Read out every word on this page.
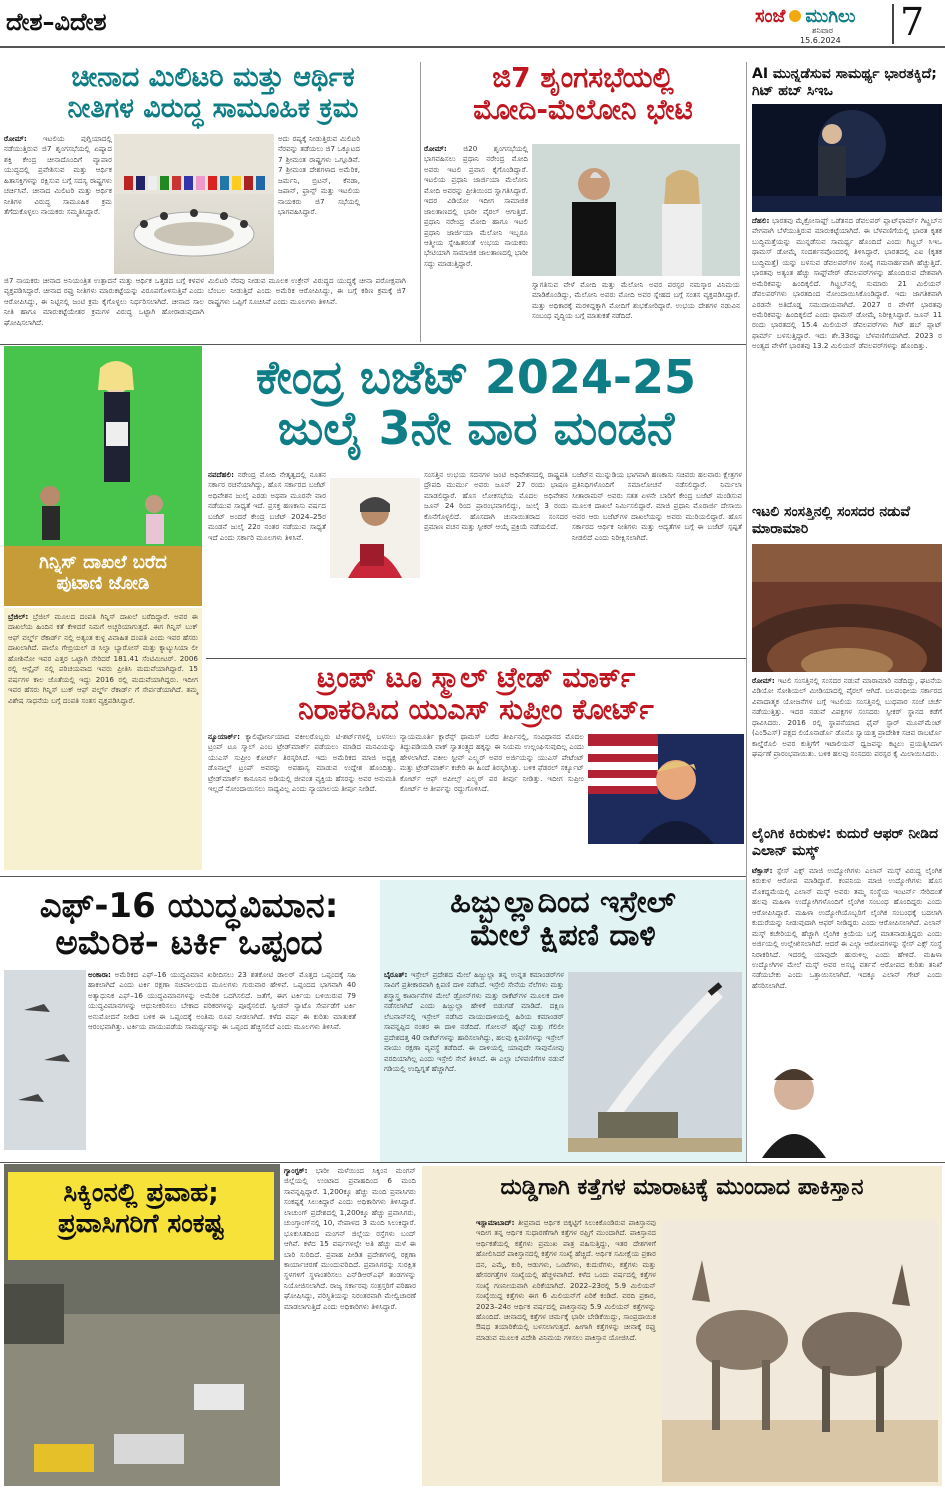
ದೇಶ–ವಿದೇಶ	ಸಂಜೆ ಮುಗಿಲು
ಶನಿವಾರ
15.6.2024 7
ಚೀನಾದ ಮಿಲಿಟರಿ ಮತ್ತು ಆರ್ಥಿಕ
ನೀತಿಗಳ ವಿರುದ್ಧ ಸಾಮೂಹಿಕ ಕ್ರಮ
ರೋಮ್: ಇಟಲಿಯ ಪುಗ್ಲಿಯಾದಲ್ಲಿ ನಡೆಯುತ್ತಿರುವ ಜಿ7 ಶೃಂಗಸಭೆಯಲ್ಲಿ ಏಷ್ಯಾದ ಶಕ್ತಿ ಕೇಂದ್ರ ಚೀನಾದೊಂದಿಗೆ ವ್ಯಾಪಾರ ಯುದ್ಧದಲ್ಲಿ ಪ್ರವೇಶಿಸುವ ಮತ್ತು ಆರ್ಥಿಕ ಹಿತಾಸಕ್ತಿಗಳನ್ನು ರಕ್ಷಿಸುವ ಬಗ್ಗೆ ಸದಸ್ಯ ರಾಷ್ಟ್ರಗಳು ಚರ್ಚಿಸಿವೆ. ಚೀನಾದ ಮಿಲಿಟರಿ ಮತ್ತು ಆರ್ಥಿಕ ನೀತಿಗಳ ವಿರುದ್ಧ ಸಾಮೂಹಿಕ ಕ್ರಮ ತೆಗೆದುಕೊಳ್ಳಲು ನಾಯಕರು ಸಮ್ಮತಿಸಿದ್ದಾರೆ.
ಅದು ರಷ್ಯಕ್ಕೆ ನೀಡುತ್ತಿರುವ ಮಿಲಿಟರಿ ನೆರವನ್ನು ತಡೆಯಲು ಜಿ7 ಒಕ್ಕೂಟದ 7 ಶ್ರೀಮಂತ ರಾಷ್ಟ್ರಗಳು ಒಗ್ಗೂಡಿವೆ. 7 ಶ್ರೀಮಂತ ದೇಶಗಳಾದ ಅಮೆರಿಕ, ಜರ್ಮನಿ, ಬ್ರಿಟನ್, ಕೆನಡಾ, ಜಪಾನ್, ಫ್ರಾನ್ಸ್ ಮತ್ತು ಇಟಲಿಯ ನಾಯಕರು ಜಿ7 ಸಭೆಯಲ್ಲಿ ಭಾಗವಹಿಸಿದ್ದಾರೆ.
ಜಿ7 ನಾಯಕರು ಚೀನಾದ ಅನಿಯಂತ್ರಿತ ಉತ್ಪಾದನೆ ಮತ್ತು ಆರ್ಥಿಕ ಒತ್ತಡದ ಬಗ್ಗೆ ಕಳವಳ ವ್ಯಕ್ತಪಡಿಸಿದ್ದಾರೆ. ಚೀನಾದ ರಫ್ತು ನೀತಿಗಳು ಮಾರುಕಟ್ಟೆಯನ್ನು ವಿರೂಪಗೊಳಿಸುತ್ತಿವೆ ಎಂದು ಆರೋಪಿಸಿದ್ದು, ಈ ನಿಟ್ಟಿನಲ್ಲಿ ಜಂಟಿ ಕ್ರಮ ಕೈಗೊಳ್ಳಲು ನಿರ್ಧರಿಸಲಾಗಿದೆ. ಚೀನಾದ ಸಾಲ ನೀತಿ ಹಾಗೂ ಮಾರುಕಟ್ಟೆಯೇತರ ಕ್ರಮಗಳ ವಿರುದ್ಧ ಒಟ್ಟಾಗಿ ಹೋರಾಡುವುದಾಗಿ ಘೋಷಿಸಲಾಗಿದೆ.
ಮಿಲಿಟರಿ ನೆರವು ನೀಡುವ ಮೂಲಕ ಉಕ್ರೇನ್ ವಿರುದ್ಧದ ಯುದ್ಧಕ್ಕೆ ಚೀನಾ ಪರೋಕ್ಷವಾಗಿ ಬೆಂಬಲ ನೀಡುತ್ತಿದೆ ಎಂದು ಅಮೆರಿಕ ಆರೋಪಿಸಿದ್ದು, ಈ ಬಗ್ಗೆ ಕಠಿಣ ಕ್ರಮಕ್ಕೆ ಜಿ7 ರಾಷ್ಟ್ರಗಳು ಒಪ್ಪಿಗೆ ಸೂಚಿಸಿವೆ ಎಂದು ಮೂಲಗಳು ತಿಳಿಸಿವೆ.
ಜಿ7 ಶೃಂಗಸಭೆಯಲ್ಲಿ
ಮೋದಿ-ಮೆಲೋನಿ ಭೇಟಿ
ರೋಮ್: ಜಿ20 ಶೃಂಗಸಭೆಯಲ್ಲಿ ಭಾಗವಹಿಸಲು ಪ್ರಧಾನಿ ನರೇಂದ್ರ ಮೋದಿ ಅವರು ಇಟಲಿ ಪ್ರವಾಸ ಕೈಗೊಂಡಿದ್ದಾರೆ. ಇಟಲಿಯ ಪ್ರಧಾನಿ ಜಾರ್ಜಿಯಾ ಮೆಲೋನಿ ಮೋದಿ ಅವರನ್ನು ಪ್ರೀತಿಯಿಂದ ಸ್ವಾಗತಿಸಿದ್ದಾರೆ. ಇದರ ವಿಡಿಯೋ ಇದೀಗ ಸಾಮಾಜಿಕ ಜಾಲತಾಣದಲ್ಲಿ ಭಾರೀ ವೈರಲ್ ಆಗುತ್ತಿದೆ. ಪ್ರಧಾನಿ ನರೇಂದ್ರ ಮೋದಿ ಹಾಗೂ ಇಟಲಿ ಪ್ರಧಾನಿ ಜಾರ್ಜಿಯಾ ಮೆಲೋನಿ ಇಬ್ಬರೂ ಆತ್ಮೀಯ ಸ್ನೇಹಿತರಂತೆ ಉಭಯ ನಾಯಕರು ಭೇಟಿಯಾಗಿ ಸಾಮಾಜಿಕ ಜಾಲತಾಣದಲ್ಲಿ ಭಾರೀ ಸದ್ದು ಮಾಡುತ್ತಿದ್ದಾರೆ.
ಸ್ವಾಗತಿಸುವ ವೇಳೆ ಮೋದಿ ಮತ್ತು ಮೆಲೋನಿ ಅವರ ಪರಸ್ಪರ ನಮಸ್ಕಾರ ವಿನಿಮಯ ಮಾಡಿಕೊಂಡಿದ್ದು, ಮೆಲೋನಿ ಅವರು ಮೋದಿ ಅವರ ಸ್ನೇಹದ ಬಗ್ಗೆ ಸಂತಸ ವ್ಯಕ್ತಪಡಿಸಿದ್ದಾರೆ. ಮತ್ತು ಅಧಿಕಾರಕ್ಕೆ ಮರಳಿದ್ದಕ್ಕಾಗಿ ಮೋದಿಗೆ ಶುಭಕೋರಿದ್ದಾರೆ. ಉಭಯ ದೇಶಗಳ ನಡುವಿನ ಸಂಬಂಧ ವೃದ್ಧಿಯ ಬಗ್ಗೆ ಮಾತುಕತೆ ನಡೆದಿದೆ.
AI ಮುನ್ನಡೆಸುವ ಸಾಮರ್ಥ್ಯ ಭಾರತಕ್ಕಿದೆ; ಗಿಟ್ ಹಬ್ ಸಿಇಒ
ದೆಹಲಿ: ಭಾರತವು ಮೈಕ್ರೋಸಾಫ್ಟ್ ಒಡೆತನದ ಡೆವಲಪರ್ ಪ್ಲಾಟ್‌ಫಾರ್ಮ್ ಗಿಟ್ಹಬ್‌ನ ವೇಗವಾಗಿ ಬೆಳೆಯುತ್ತಿರುವ ಮಾರುಕಟ್ಟೆಯಾಗಿದೆ. ಈ ಬೆಳವಣಿಗೆಯಲ್ಲಿ ಭಾರತ ಕೃತಕ ಬುದ್ಧಿಮತ್ತೆಯನ್ನು ಮುನ್ನಡೆಸುವ ಸಾಮರ್ಥ್ಯ ಹೊಂದಿದೆ ಎಂದು ಗಿಟ್ಹಬ್ ಸಿಇಒ ಥಾಮಸ್ ಡೋಮ್ಕೆ ಸಂದರ್ಶನವೊಂದರಲ್ಲಿ ತಿಳಿಸಿದ್ದಾರೆ. ಭಾರತದಲ್ಲಿ ಎಐ (ಕೃತಕ ಬುದ್ಧಿಮತ್ತೆ) ಯನ್ನು ಬಳಸುವ ಡೆವಲಪರ್‌ಗಳ ಸಂಖ್ಯೆ ಗಮನಾರ್ಹವಾಗಿ ಹೆಚ್ಚುತ್ತಿದೆ. ಭಾರತವು ಅತ್ಯಂತ ಹೆಚ್ಚು ಸಾಫ್ಟ್‌ವೇರ್ ಡೆವಲಪರ್‌ಗಳನ್ನು ಹೊಂದಿರುವ ದೇಶವಾಗಿ ಅಮೆರಿಕವನ್ನು ಹಿಂದಿಕ್ಕಲಿದೆ. ಗಿಟ್ಹಬ್‌ನಲ್ಲಿ ಸುಮಾರು 21 ಮಿಲಿಯನ್ ಡೆವಲಪರ್‌ಗಳು ಭಾರತದಿಂದ ನೋಂದಾಯಿಸಿಕೊಂಡಿದ್ದಾರೆ. ಇದು ಜಾಗತಿಕವಾಗಿ ಎರಡನೇ ಅತಿದೊಡ್ಡ ಸಮುದಾಯವಾಗಿದೆ. 2027 ರ ವೇಳೆಗೆ ಭಾರತವು ಅಮೆರಿಕವನ್ನು ಹಿಂದಿಕ್ಕಲಿದೆ ಎಂದು ಥಾಮಸ್ ಡೋಮ್ಕೆ ನಿರೀಕ್ಷಿಸಿದ್ದಾರೆ. ಜೂನ್ 11 ರಂದು ಭಾರತದಲ್ಲಿ 15.4 ಮಿಲಿಯನ್ ಡೆವಲಪರ್‌ಗಳು ಗಿಟ್ ಹಬ್ ಪ್ಲಾಟ್ ಫಾರ್ಮ್ ಬಳಸುತ್ತಿದ್ದಾರೆ. ಇದು ಶೇ.33ರಷ್ಟು ಬೆಳವಣಿಗೆಯಾಗಿದೆ. 2023 ರ ಅಂತ್ಯದ ವೇಳೆಗೆ ಭಾರತವು 13.2 ಮಿಲಿಯನ್ ಡೆವಲಪರ್‌ಗಳನ್ನು ಹೊಂದಿತ್ತು.
ಇಟಲಿ ಸಂಸತ್ತಿನಲ್ಲಿ ಸಂಸದರ ನಡುವೆ ಮಾರಾಮಾರಿ
ರೋಮ್: ಇಟಲಿ ಸಂಸತ್ತಿನಲ್ಲಿ ಸಂಸದರ ನಡುವೆ ಮಾರಾಮಾರಿ ನಡೆದಿದ್ದು, ಘಟನೆಯ ವಿಡಿಯೋ ಸೋಶಿಯಲ್ ಮೀಡಿಯಾದಲ್ಲಿ ವೈರಲ್ ಆಗಿದೆ. ಬಲಪಂಥೀಯ ಸರ್ಕಾರದ ವಿವಾದಾತ್ಮಕ ಯೋಜನೆಗಳ ಬಗ್ಗೆ ಇಟಲಿಯ ಸಂಸತ್ತಿನಲ್ಲಿ ಬುಧವಾರ ಸಂಜೆ ಚರ್ಚೆ ನಡೆಯುತ್ತಿತ್ತು. ಇದರ ನಡುವೆ ವಿಪಕ್ಷಗಳ ಸಂಸದರು ಸ್ಪೀಕರ್ ಸ್ಥಾನದ ಕಡೆಗೆ ಧಾವಿಸಿದರು. 2016 ರಲ್ಲಿ ಸ್ಥಾಪನೆಯಾದ ಫೈವ್ ಸ್ಟಾರ್ ಮೂವ್‌ಮೆಂಟ್ (ಎಂ5ಎಸ್) ಪಕ್ಷದ ಲಿಯೊನಾರ್ಡೊ ಡೊನೊ ಸ್ವಾಯತ್ತ ಪ್ರಾದೇಶಿಕ ಸಚಿವ ರಾಬರ್ಟೊ ಕಾಲ್ಡೆರೊಲಿ ಅವರ ಕುತ್ತಿಗೆಗೆ ಇಟಾಲಿಯನ್ ಧ್ವಜವನ್ನು ಕಟ್ಟಲು ಪ್ರಯತ್ನಿಸಿದಾಗ ಘರ್ಷಣೆ ಪ್ರಾರಂಭವಾಯಿತು. ಬಳಿಕ ಹಲವು ಸಂಸದರು ಪರಸ್ಪರ ಕೈ ಮಿಲಾಯಿಸಿದರು.
ಲೈಂಗಿಕ ಕಿರುಕುಳ: ಕುದುರೆ ಆಫರ್ ನೀಡಿದ ಎಲಾನ್ ಮಸ್ಕ್
ಟೆಕ್ಸಾಸ್: ಸ್ಪೇಸ್ ಎಕ್ಸ್ ಮಾಜಿ ಉದ್ಯೋಗಿಗಳು ಎಲಾನ್ ಮಸ್ಕ್ ವಿರುದ್ಧ ಲೈಂಗಿಕ ಕಿರುಕುಳ ಆರೋಪ ಮಾಡಿದ್ದಾರೆ. ಕಂಪನಿಯ ಮಾಜಿ ಉದ್ಯೋಗಿಗಳು ಹೊಸ ಮೊಕದ್ದಮೆಯಲ್ಲಿ ಎಲಾನ್ ಮಸ್ಕ್ ಅವರು ತಮ್ಮ ಸಂಸ್ಥೆಯ ಇಂಟರ್ನ್ ಸೇರಿದಂತೆ ಹಲವು ಮಹಿಳಾ ಉದ್ಯೋಗಿಗಳೊಂದಿಗೆ ಲೈಂಗಿಕ ಸಂಬಂಧ ಹೊಂದಿದ್ದರು ಎಂದು ಆರೋಪಿಸಿದ್ದಾರೆ. ಮಹಿಳಾ ಉದ್ಯೋಗಿಯೊಬ್ಬರಿಗೆ ಲೈಂಗಿಕ ಸಂಬಂಧಕ್ಕೆ ಬದಲಾಗಿ ಕುದುರೆಯನ್ನು ನೀಡುವುದಾಗಿ ಆಫರ್ ನೀಡಿದ್ದರು ಎಂದು ಆರೋಪಿಸಲಾಗಿದೆ. ಎಲಾನ್ ಮಸ್ಕ್ ಕಚೇರಿಯಲ್ಲಿ ಹೆಚ್ಚಾಗಿ ಲೈಂಗಿಕ ಕ್ರಿಯೆಯ ಬಗ್ಗೆ ಮಾತನಾಡುತ್ತಿದ್ದರು ಎಂದು ಅರ್ಜಿಯಲ್ಲಿ ಉಲ್ಲೇಖಿಸಲಾಗಿದೆ. ಆದರೆ ಈ ಎಲ್ಲಾ ಆರೋಪಗಳನ್ನು ಸ್ಪೇಸ್ ಎಕ್ಸ್ ಸಂಸ್ಥೆ ನಿರಾಕರಿಸಿದೆ. ಇದರಲ್ಲಿ ಯಾವುದೇ ಹುರುಳಿಲ್ಲ ಎಂದು ಹೇಳಿದೆ. ಮಹಿಳಾ ಉದ್ಯೋಗಿಗಳ ಮೇಲೆ ಮಸ್ಕ್ ಅವರ ಅಸಭ್ಯ ವರ್ತನೆ ಆರೋಪದ ಕುರಿತು ತನಿಖೆ ನಡೆಯಬೇಕು ಎಂದು ಒತ್ತಾಯಿಸಲಾಗಿದೆ. ಇದಕ್ಕೂ ಎಲಾನ್ ಗೇಟ್ ಎಂದು ಹೆಸರಿಸಲಾಗಿದೆ.
ಗಿನ್ನಿಸ್ ದಾಖಲೆ ಬರೆದ
ಪುಟಾಣಿ ಜೋಡಿ
ಬ್ರೆಜಿಲ್: ಬ್ರೆಜಿಲ್ ಮೂಲದ ದಂಪತಿ ಗಿನ್ನಿಸ್ ದಾಖಲೆ ಬರೆದಿದ್ದಾರೆ. ಅವರ ಈ ದಾಖಲೆಯ ಹಿಂದಿನ ಕತೆ ಕೇಳಿದರೆ ನಿಮಗೆ ಅಚ್ಚರಿಯಾಗುತ್ತದೆ. ಈಗ ಗಿನ್ನಿಸ್ ಬುಕ್ ಆಫ್ ವರ್ಲ್ಡ್ ರೆಕಾರ್ಡ್ ನಲ್ಲಿ ಅತ್ಯಂತ ಕುಳ್ಳ ವಿವಾಹಿತ ದಂಪತಿ ಎಂದು ಇವರ ಹೆಸರು ದಾಖಲಾಗಿದೆ. ಪಾಲೊ ಗೇಬ್ರಿಯಲ್ ಡ ಸಿಲ್ವಾ ಬ್ಯಾರೋಸ್ ಮತ್ತು ಕ್ಯಾಟ್ಯುಸಿಯಾ ಲೀ ಹೋಶಿನೋ ಇವರ ಎತ್ತರ ಒಟ್ಟಾಗಿ ಸೇರಿದರೆ 181.41 ಸೆಂಟಿಮೀಟರ್. 2006 ರಲ್ಲಿ ಆನ್ಲೈನ್ ನಲ್ಲಿ ಪರಿಚಯವಾದ ಇವರು ಪ್ರೀತಿಸಿ ಮದುವೆಯಾಗಿದ್ದಾರೆ. 15 ವರ್ಷಗಳ ಕಾಲ ಜೊತೆಯಲ್ಲಿ ಇದ್ದು 2016 ರಲ್ಲಿ ಮದುವೆಯಾಗಿದ್ದರು. ಇದೀಗ ಇವರ ಹೆಸರು ಗಿನ್ನಿಸ್ ಬುಕ್ ಆಫ್ ವರ್ಲ್ಡ್ ರೆಕಾರ್ಡ್ ಗೆ ಸೇರ್ಪಡೆಯಾಗಿದೆ. ತಮ್ಮ ವಿಶೇಷ ಸಾಧನೆಯ ಬಗ್ಗೆ ದಂಪತಿ ಸಂತಸ ವ್ಯಕ್ತಪಡಿಸಿದ್ದಾರೆ.
ಕೇಂದ್ರ ಬಜೆಟ್ 2024-25
ಜುಲೈ 3ನೇ ವಾರ ಮಂಡನೆ
ನವದೆಹಲಿ: ನರೇಂದ್ರ ಮೋದಿ ನೇತೃತ್ವದಲ್ಲಿ ನೂತನ ಸರ್ಕಾರ ರಚನೆಯಾಗಿದ್ದು, ಹೊಸ ಸರ್ಕಾರದ ಬಜೆಟ್ ಅಧಿವೇಶನ ಜುಲೈ ಎರಡು ಅಥವಾ ಮೂರನೇ ವಾರ ನಡೆಯುವ ಸಾಧ್ಯತೆ ಇದೆ. ಪ್ರಸಕ್ತ ಹಣಕಾಸು ವರ್ಷದ ಬಜೆಟ್ ಅಂದರೆ ಕೇಂದ್ರ ಬಜೆಟ್ 2024–25ರ ಮಂಡನೆ ಜುಲೈ 22ರ ನಂತರ ನಡೆಯುವ ಸಾಧ್ಯತೆ ಇದೆ ಎಂದು ಸರ್ಕಾರಿ ಮೂಲಗಳು ತಿಳಿಸಿವೆ.
ಸಂಸತ್ತಿನ ಉಭಯ ಸದನಗಳ ಜಂಟಿ ಅಧಿವೇಶನದಲ್ಲಿ ರಾಷ್ಟ್ರಪತಿ ದ್ರೌಪದಿ ಮುರ್ಮು ಅವರು ಜೂನ್ 27 ರಂದು ಭಾಷಣ ಮಾಡಲಿದ್ದಾರೆ. ಹೊಸ ಲೋಕಸಭೆಯ ಮೊದಲ ಅಧಿವೇಶನ ಜೂನ್ 24 ರಿಂದ ಪ್ರಾರಂಭವಾಗಲಿದ್ದು, ಜುಲೈ 3 ರಂದು ಕೊನೆಗೊಳ್ಳಲಿದೆ. ಹೊಸದಾಗಿ ಚುನಾಯಿತರಾದ ಸಂಸದರ ಪ್ರಮಾಣ ವಚನ ಮತ್ತು ಸ್ಪೀಕರ್ ಆಯ್ಕೆ ಪ್ರಕ್ರಿಯೆ ನಡೆಯಲಿದೆ.
ಬಜೆಟ್‌ನ ಮುನ್ನುಡಿಯ ಭಾಗವಾಗಿ ಹಣಕಾಸು ಸಚಿವರು ಹಲವಾರು ಕ್ಷೇತ್ರಗಳ ಪ್ರತಿನಿಧಿಗಳೊಂದಿಗೆ ಸಮಾಲೋಚನೆ ನಡೆಸಲಿದ್ದಾರೆ. ನಿರ್ಮಲಾ ಸೀತಾರಾಮನ್ ಅವರು ಸತತ ಏಳನೇ ಬಾರಿಗೆ ಕೇಂದ್ರ ಬಜೆಟ್ ಮಂಡಿಸುವ ಮೂಲಕ ದಾಖಲೆ ನಿರ್ಮಿಸಲಿದ್ದಾರೆ. ಮಾಜಿ ಪ್ರಧಾನಿ ಮೊರಾರ್ಜಿ ದೇಸಾಯಿ ಅವರ ಆರು ಬಜೆಟ್‌ಗಳ ದಾಖಲೆಯನ್ನು ಅವರು ಮುರಿಯಲಿದ್ದಾರೆ. ಹೊಸ ಸರ್ಕಾರದ ಆರ್ಥಿಕ ನೀತಿಗಳು ಮತ್ತು ಆದ್ಯತೆಗಳ ಬಗ್ಗೆ ಈ ಬಜೆಟ್ ಸ್ಪಷ್ಟತೆ ನೀಡಲಿದೆ ಎಂದು ನಿರೀಕ್ಷಿಸಲಾಗಿದೆ.
ಟ್ರಂಪ್ ಟೂ ಸ್ಮಾಲ್ ಟ್ರೇಡ್ ಮಾರ್ಕ್
ನಿರಾಕರಿಸಿದ ಯುಎಸ್ ಸುಪ್ರೀಂ ಕೋರ್ಟ್
ನ್ಯೂಯಾರ್ಕ್: ಕ್ಯಾಲಿಫೋರ್ನಿಯಾದ ವಕೀಲರೊಬ್ಬರು ಟಿ-ಶರ್ಟ್‌ಗಳಲ್ಲಿ ಬಳಸಲು ಟ್ರಂಪ್ ಟೂ ಸ್ಮಾಲ್ ಎಂಬ ಟ್ರೇಡ್‌ಮಾರ್ಕ್ ಪಡೆಯಲು ಮಾಡಿದ ಮನವಿಯನ್ನು ಯುಎಸ್ ಸುಪ್ರೀಂ ಕೋರ್ಟ್ ತಿರಸ್ಕರಿಸಿದೆ. ಇದು ಅಮೆರಿಕದ ಮಾಜಿ ಅಧ್ಯಕ್ಷ ಡೊನಾಲ್ಡ್ ಟ್ರಂಪ್ ಅವರನ್ನು ಅಪಹಾಸ್ಯ ಮಾಡುವ ಉದ್ದೇಶ ಹೊಂದಿತ್ತು. ಟ್ರೇಡ್‌ಮಾರ್ಕ್ ಕಾನೂನಿನ ಅಡಿಯಲ್ಲಿ ಜೀವಂತ ವ್ಯಕ್ತಿಯ ಹೆಸರನ್ನು ಅವರ ಅನುಮತಿ ಇಲ್ಲದೆ ನೋಂದಾಯಿಸಲು ಸಾಧ್ಯವಿಲ್ಲ ಎಂದು ನ್ಯಾಯಾಲಯ ತೀರ್ಪು ನೀಡಿದೆ.
ನ್ಯಾಯಮೂರ್ತಿ ಕ್ಲಾರೆನ್ಸ್ ಥಾಮಸ್ ಬರೆದ ತೀರ್ಪಿನಲ್ಲಿ, ಸಂವಿಧಾನದ ಮೊದಲ ತಿದ್ದುಪಡಿಯಡಿ ವಾಕ್ ಸ್ವಾತಂತ್ರ್ಯದ ಹಕ್ಕನ್ನು ಈ ನಿಯಮ ಉಲ್ಲಂಘಿಸುವುದಿಲ್ಲ ಎಂದು ಹೇಳಲಾಗಿದೆ. ವಕೀಲ ಸ್ಟೀವ್ ಎಲ್ಸ್ಟರ್ ಅವರ ಅರ್ಜಿಯನ್ನು ಯುಎಸ್ ಪೇಟೆಂಟ್ ಮತ್ತು ಟ್ರೇಡ್‌ಮಾರ್ಕ್ ಕಚೇರಿ ಈ ಹಿಂದೆ ತಿರಸ್ಕರಿಸಿತ್ತು. ಬಳಿಕ ಫೆಡರಲ್ ಸರ್ಕ್ಯೂಟ್ ಕೋರ್ಟ್ ಆಫ್ ಅಪೀಲ್ಸ್ ಎಲ್ಸ್ಟರ್ ಪರ ತೀರ್ಪು ನೀಡಿತ್ತು. ಇದೀಗ ಸುಪ್ರೀಂ ಕೋರ್ಟ್ ಆ ತೀರ್ಪನ್ನು ರದ್ದುಗೊಳಿಸಿದೆ.
ಎಫ್-16 ಯುದ್ಧವಿಮಾನ:
ಅಮೆರಿಕ- ಟರ್ಕಿ ಒಪ್ಪಂದ
ಅಂಕಾರಾ: ಅಮೆರಿಕದ ಎಫ್–16 ಯುದ್ಧವಿಮಾನ ಖರೀದಿಸಲು 23 ಶತಕೋಟಿ ಡಾಲರ್ ಮೊತ್ತದ ಒಪ್ಪಂದಕ್ಕೆ ಸಹಿ ಹಾಕಲಾಗಿದೆ ಎಂದು ಟರ್ಕಿ ರಕ್ಷಣಾ ಸಚಿವಾಲಯದ ಮೂಲಗಳು ಗುರುವಾರ ಹೇಳಿವೆ. ಒಪ್ಪಂದದ ಭಾಗವಾಗಿ 40 ಅತ್ಯಾಧುನಿಕ ಎಫ್–16 ಯುದ್ಧವಿಮಾನಗಳನ್ನು ಅಮೆರಿಕ ಒದಗಿಸಲಿದೆ. ಜತೆಗೆ, ಈಗ ಟರ್ಕಿಯ ಬಳಿಯಿರುವ 79 ಯುದ್ಧವಿಮಾನಗಳನ್ನು ಆಧುನೀಕರಿಸಲು ಬೇಕಾದ ಪರಿಕರಗಳನ್ನು ಪೂರೈಸಲಿದೆ. ಸ್ವೀಡನ್ ನ್ಯಾಟೊ ಸೇರ್ಪಡೆಗೆ ಟರ್ಕಿ ಅನುಮೋದನೆ ನೀಡಿದ ಬಳಿಕ ಈ ಒಪ್ಪಂದಕ್ಕೆ ಅಂತಿಮ ರೂಪ ನೀಡಲಾಗಿದೆ. ಕಳೆದ ವರ್ಷ ಈ ಕುರಿತು ಮಾತುಕತೆ ಆರಂಭವಾಗಿತ್ತು. ಟರ್ಕಿಯ ವಾಯುಪಡೆಯ ಸಾಮರ್ಥ್ಯವನ್ನು ಈ ಒಪ್ಪಂದ ಹೆಚ್ಚಿಸಲಿದೆ ಎಂದು ಮೂಲಗಳು ತಿಳಿಸಿವೆ.
ಹಿಜ್ಬುಲ್ಲಾದಿಂದ ಇಸ್ರೇಲ್
ಮೇಲೆ ಕ್ಷಿಪಣಿ ದಾಳಿ
ಬೈರೂತ್: ಇಸ್ರೇಲ್ ಪ್ರದೇಶದ ಮೇಲೆ ಹಿಜ್ಬುಲ್ಲಾ ತನ್ನ ಉನ್ನತ ಕಮಾಂಡರ್‌ಗಳ ಸಾವಿಗೆ ಪ್ರತೀಕಾರವಾಗಿ ಕ್ಷಿಪಣಿ ದಾಳಿ ನಡೆಸಿದೆ. ಇಸ್ರೇಲಿ ಸೇನೆಯ ನೆಲೆಗಳು ಮತ್ತು ಶಸ್ತ್ರಾಸ್ತ್ರ ಕಾರ್ಖಾನೆಗಳ ಮೇಲೆ ಡ್ರೋನ್‌ಗಳು ಮತ್ತು ರಾಕೆಟ್‌ಗಳ ಮೂಲಕ ದಾಳಿ ನಡೆಸಲಾಗಿದೆ ಎಂದು ಹಿಜ್ಬುಲ್ಲಾ ಹೇಳಿಕೆ ಬಿಡುಗಡೆ ಮಾಡಿದೆ. ದಕ್ಷಿಣ ಲೆಬನಾನ್‌ನಲ್ಲಿ ಇಸ್ರೇಲ್ ನಡೆಸಿದ ವಾಯುದಾಳಿಯಲ್ಲಿ ಹಿರಿಯ ಕಮಾಂಡರ್ ಸಾವನ್ನಪ್ಪಿದ ನಂತರ ಈ ದಾಳಿ ನಡೆದಿದೆ. ಗೋಲನ್ ಹೈಟ್ಸ್ ಮತ್ತು ಗೆಲಿಲೀ ಪ್ರದೇಶದತ್ತ 40 ರಾಕೆಟ್‌ಗಳನ್ನು ಹಾರಿಸಲಾಗಿದ್ದು, ಹಲವು ಕ್ಷಿಪಣಿಗಳನ್ನು ಇಸ್ರೇಲ್ ವಾಯು ರಕ್ಷಣಾ ವ್ಯವಸ್ಥೆ ತಡೆದಿದೆ. ಈ ದಾಳಿಯಲ್ಲಿ ಯಾವುದೇ ಸಾವುನೋವು ವರದಿಯಾಗಿಲ್ಲ ಎಂದು ಇಸ್ರೇಲಿ ಸೇನೆ ತಿಳಿಸಿದೆ. ಈ ಎಲ್ಲಾ ಬೆಳವಣಿಗೆಗಳ ನಡುವೆ ಗಡಿಯಲ್ಲಿ ಉದ್ವಿಗ್ನತೆ ಹೆಚ್ಚಾಗಿದೆ.
ಸಿಕ್ಕಿಂನಲ್ಲಿ ಪ್ರವಾಹ;
ಪ್ರವಾಸಿಗರಿಗೆ ಸಂಕಷ್ಟ
ಗ್ಯಾಂಗ್ಟಕ್: ಭಾರೀ ಮಳೆಯಿಂದ ಸಿಕ್ಕಿಂನ ಮಂಗನ್ ಜಿಲ್ಲೆಯಲ್ಲಿ ಉಂಟಾದ ಪ್ರವಾಹದಿಂದ 6 ಮಂದಿ ಸಾವನ್ನಪ್ಪಿದ್ದಾರೆ. 1,200ಕ್ಕೂ ಹೆಚ್ಚು ಮಂದಿ ಪ್ರವಾಸಿಗರು ಸಂಕಷ್ಟಕ್ಕೆ ಸಿಲುಕಿದ್ದಾರೆ ಎಂದು ಅಧಿಕಾರಿಗಳು ತಿಳಿಸಿದ್ದಾರೆ. ಲಾಚುಂಗ್ ಪ್ರದೇಶದಲ್ಲಿ 1,200ಕ್ಕೂ ಹೆಚ್ಚು ಪ್ರವಾಸಿಗರು, ಚುಂಗ್ತಾಂಗ್‌ನಲ್ಲಿ 10, ನೇಪಾಳದ 3 ಮಂದಿ ಸಿಲುಕಿದ್ದಾರೆ. ಭೂಕುಸಿತದಿಂದ ಮಂಗನ್ ಜಿಲ್ಲೆಯ ರಸ್ತೆಗಳು ಬಂದ್ ಆಗಿವೆ. ಕಳೆದ 15 ವರ್ಷಗಳಲ್ಲೇ ಅತಿ ಹೆಚ್ಚು ಮಳೆ ಈ ಬಾರಿ ಸುರಿದಿದೆ. ಪ್ರವಾಹ ಪೀಡಿತ ಪ್ರದೇಶಗಳಲ್ಲಿ ರಕ್ಷಣಾ ಕಾರ್ಯಾಚರಣೆ ಮುಂದುವರಿದಿದೆ. ಪ್ರವಾಸಿಗರನ್ನು ಸುರಕ್ಷಿತ ಸ್ಥಳಗಳಿಗೆ ಸ್ಥಳಾಂತರಿಸಲು ಎನ್‌ಡಿಆರ್‌ಎಫ್ ತಂಡಗಳನ್ನು ನಿಯೋಜಿಸಲಾಗಿದೆ. ರಾಜ್ಯ ಸರ್ಕಾರವು ಸಂತ್ರಸ್ತರಿಗೆ ಪರಿಹಾರ ಘೋಷಿಸಿದ್ದು, ಪರಿಸ್ಥಿತಿಯನ್ನು ನಿರಂತರವಾಗಿ ಮೇಲ್ವಿಚಾರಣೆ ಮಾಡಲಾಗುತ್ತಿದೆ ಎಂದು ಅಧಿಕಾರಿಗಳು ತಿಳಿಸಿದ್ದಾರೆ.
ದುಡ್ಡಿಗಾಗಿ ಕತ್ತೆಗಳ ಮಾರಾಟಕ್ಕೆ ಮುಂದಾದ ಪಾಕಿಸ್ತಾನ
ಇಸ್ಲಾಮಾಬಾದ್: ತೀವ್ರವಾದ ಆರ್ಥಿಕ ಬಿಕ್ಕಟ್ಟಿಗೆ ಸಿಲುಕಿಕೊಂಡಿರುವ ಪಾಕಿಸ್ತಾನವು ಇದೀಗ ತನ್ನ ಆರ್ಥಿಕ ಸುಧಾರಣೆಗಾಗಿ ಕತ್ತೆಗಳ ರಫ್ತಿಗೆ ಮುಂದಾಗಿದೆ. ಪಾಕಿಸ್ತಾನದ ಆರ್ಥಿಕತೆಯಲ್ಲಿ ಕತ್ತೆಗಳು ಪ್ರಮುಖ ಪಾತ್ರ ವಹಿಸುತ್ತಿದ್ದು, ಇತರ ದೇಶಗಳಿಗೆ ಹೋಲಿಸಿದರೆ ಪಾಕಿಸ್ತಾನದಲ್ಲಿ ಕತ್ತೆಗಳ ಸಂಖ್ಯೆ ಹೆಚ್ಚಿದೆ. ಆರ್ಥಿಕ ಸಮೀಕ್ಷೆಯ ಪ್ರಕಾರ ದನ, ಎಮ್ಮೆ, ಕುರಿ, ಆಡುಗಳು, ಒಂಟೆಗಳು, ಕುದುರೆಗಳು, ಕತ್ತೆಗಳು ಮತ್ತು ಹೇಸರಗತ್ತೆಗಳ ಸಂಖ್ಯೆಯಲ್ಲಿ ಹೆಚ್ಚಳವಾಗಿದೆ. ಕಳೆದ ಒಂದು ವರ್ಷದಲ್ಲಿ ಕತ್ತೆಗಳ ಸಂಖ್ಯೆ ಗಣನೀಯವಾಗಿ ಏರಿಕೆಯಾಗಿದೆ. 2022–23ರಲ್ಲಿ 5.9 ಮಿಲಿಯನ್ ಸಂಖ್ಯೆಯಿದ್ದ ಕತ್ತೆಗಳು ಈಗ 6 ಮಿಲಿಯನ್‌ಗೆ ಏರಿಕೆ ಕಂಡಿದೆ. ವರದಿ ಪ್ರಕಾರ, 2023–24ರ ಆರ್ಥಿಕ ವರ್ಷದಲ್ಲಿ ಪಾಕಿಸ್ತಾನವು 5.9 ಮಿಲಿಯನ್ ಕತ್ತೆಗಳನ್ನು ಹೊಂದಿದೆ. ಚೀನಾದಲ್ಲಿ ಕತ್ತೆಗಳ ಚರ್ಮಕ್ಕೆ ಭಾರೀ ಬೇಡಿಕೆಯಿದ್ದು, ಸಾಂಪ್ರದಾಯಿಕ ಔಷಧ ತಯಾರಿಕೆಯಲ್ಲಿ ಬಳಸಲಾಗುತ್ತದೆ. ಹೀಗಾಗಿ ಕತ್ತೆಗಳನ್ನು ಚೀನಾಕ್ಕೆ ರಫ್ತು ಮಾಡುವ ಮೂಲಕ ವಿದೇಶಿ ವಿನಿಮಯ ಗಳಿಸಲು ಪಾಕಿಸ್ತಾನ ಯೋಜಿಸಿದೆ.
